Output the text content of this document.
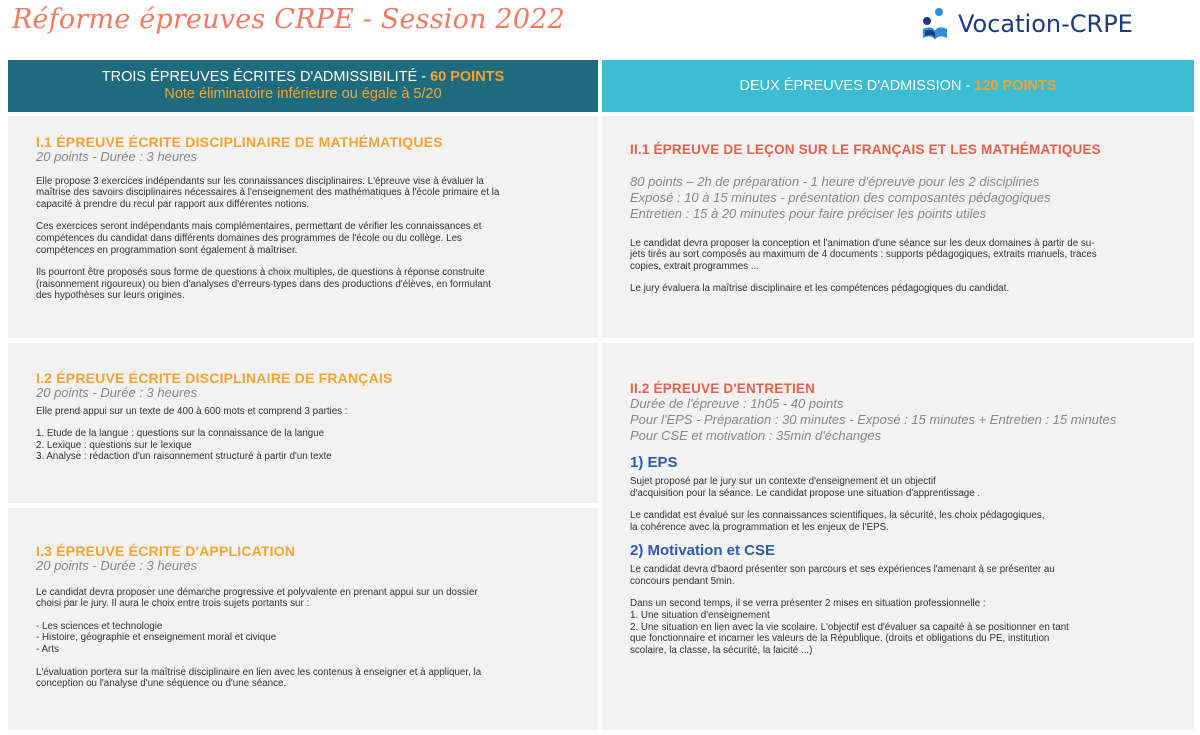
Réforme épreuves CRPE - Session 2022	Vocation-CRPE
TROIS ÉPREUVES ÉCRITES D'ADMISSIBILITÉ - 60 POINTS
Note éliminatoire inférieure ou égale à 5/20
DEUX ÉPREUVES D'ADMISSION - 120 POINTS
I.1 ÉPREUVE ÉCRITE DISCIPLINAIRE DE MATHÉMATIQUES
20 points - Durée : 3 heures
Elle propose 3 exercices indépendants sur les connaissances disciplinaires. L'épreuve vise à évaluer la
maîtrise des savoirs disciplinaires nécessaires à l'enseignement des mathématiques à l'école primaire et la
capacité à prendre du recul par rapport aux différentes notions.
Ces exercices seront indépendants mais complémentaires, permettant de vérifier les connaissances et
compétences du candidat dans différents domaines des programmes de l'école ou du collège. Les
compétences en programmation sont également à maîtriser.
Ils pourront être proposés sous forme de questions à choix multiples, de questions à réponse construite
(raisonnement rigoureux) ou bien d'analyses d'erreurs-types dans des productions d'élèves, en formulant
des hypothèses sur leurs origines.
I.2 ÉPREUVE ÉCRITE DISCIPLINAIRE DE FRANÇAIS
20 points - Durée : 3 heures
Elle prend appui sur un texte de 400 à 600 mots et comprend 3 parties :
1. Etude de la langue : questions sur la connaissance de la langue
2. Lexique : questions sur le lexique
3. Analyse : rédaction d'un raisonnement structuré à partir d'un texte
I.3 ÉPREUVE ÉCRITE D'APPLICATION
20 points - Durée : 3 heures
Le candidat devra proposer une démarche progressive et polyvalente en prenant appui sur un dossier
choisi par le jury. Il aura le choix entre trois sujets portants sur :
- Les sciences et technologie
- Histoire, géographie et enseignement moral et civique
- Arts
L'évaluation portera sur la maîtrise disciplinaire en lien avec les contenus à enseigner et à appliquer, la
conception ou l'analyse d'une séquence ou d'une séance.
II.1 ÉPREUVE DE LEÇON SUR LE FRANÇAIS ET LES MATHÉMATIQUES
80 points – 2h de préparation - 1 heure d'épreuve pour les 2 disciplines
Exposé : 10 à 15 minutes - présentation des composantes pédagogiques
Entretien : 15 à 20 minutes pour faire préciser les points utiles
Le candidat devra proposer la conception et l'animation d'une séance sur les deux domaines à partir de su-
jets tirés au sort composés au maximum de 4 documents : supports pédagogiques, extraits manuels, traces
copies, extrait programmes ...
Le jury évaluera la maîtrise disciplinaire et les compétences pédagogiques du candidat.
II.2 ÉPREUVE D'ENTRETIEN
Durée de l'épreuve : 1h05 - 40 points
Pour l'EPS - Préparation : 30 minutes - Exposé : 15 minutes + Entretien : 15 minutes
Pour CSE et motivation : 35min d'échanges
1) EPS
Sujet proposé par le jury sur un contexte d'enseignement et un objectif
d'acquisition pour la séance. Le candidat propose une situation d'apprentissage .
Le candidat est évalué sur les connaissances scientifiques, la sécurité, les choix pédagogiques,
la cohérence avec la programmation et les enjeux de l'EPS.
2) Motivation et CSE
Le candidat devra d'baord présenter son parcours et ses expériences l'amenant à se présenter au
concours pendant 5min.
Dans un second temps, il se verra présenter 2 mises en situation professionnelle :
1. Une situation d'enseignement
2. Une situation en lien avec la vie scolaire. L'objectif est d'évaluer sa capaité à se positionner en tant
que fonctionnaire et incarner les valeurs de la République. (droits et obligations du PE, institution
scolaire, la classe, la sécurité, la laicité ...)
